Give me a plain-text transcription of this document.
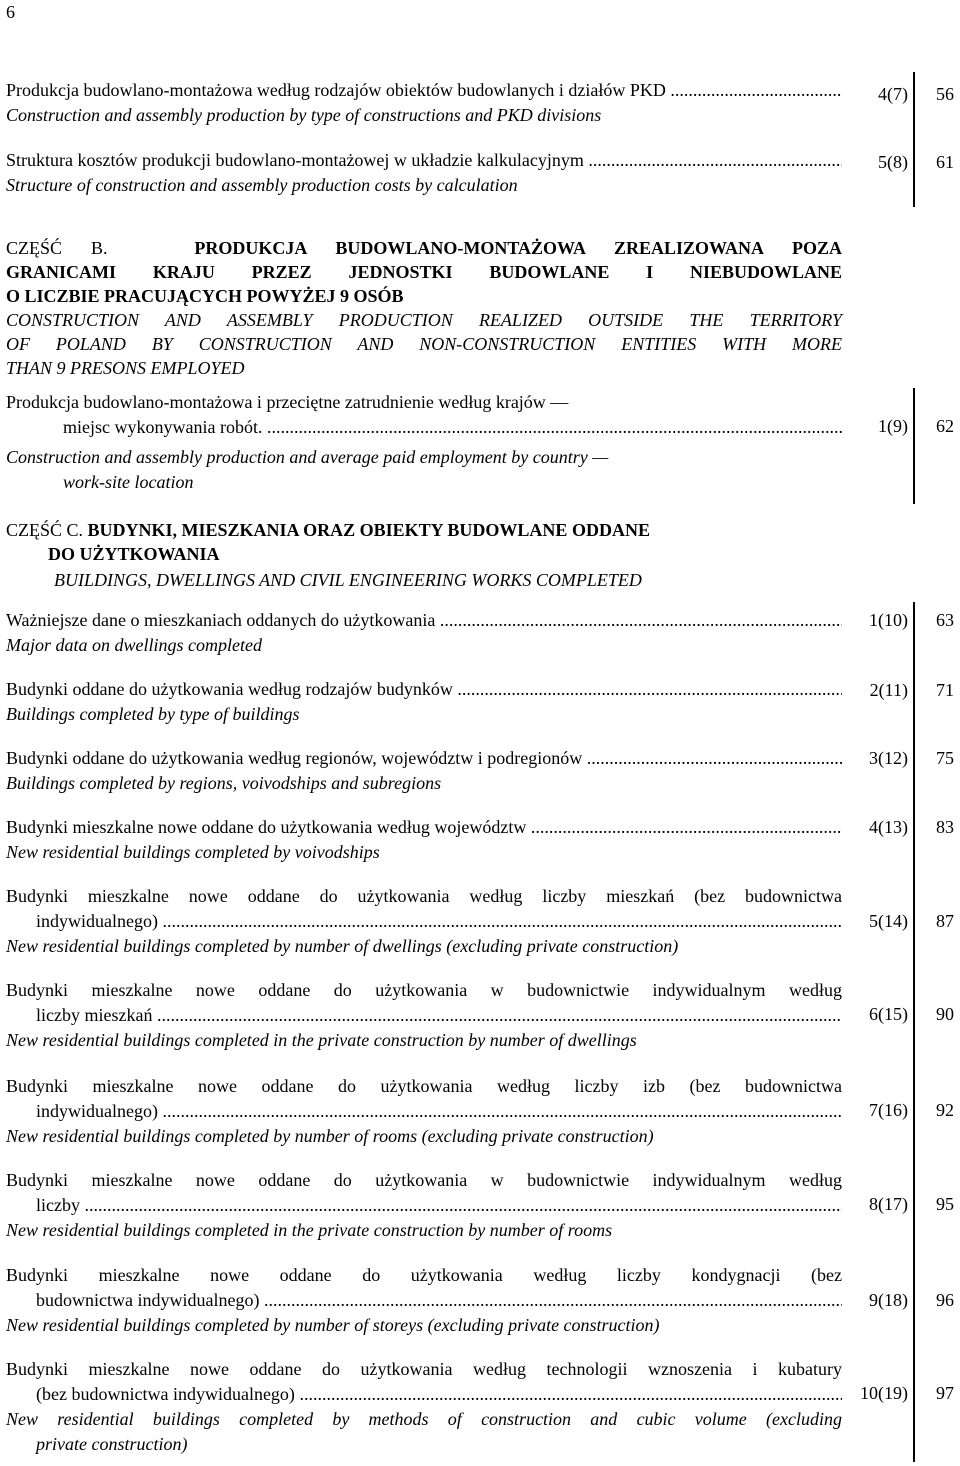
6
Produkcja budowlano-montażowa według rodzajów obiektów budowlanych i działów PKD .....
Construction and assembly production by type of constructions and PKD divisions
4(7) 56
Struktura kosztów produkcji budowlano-montażowej w układzie kalkulacyjnym .....
Structure of construction and assembly production costs by calculation
5(8) 61
CZĘŚĆ B.	PRODUKCJA BUDOWLANO-MONTAŻOWA ZREALIZOWANA POZA
GRANICAMI KRAJU PRZEZ JEDNOSTKI BUDOWLANE I NIEBUDOWLANE
O LICZBIE PRACUJĄCYCH POWYŻEJ 9 OSÓB
CONSTRUCTION AND ASSEMBLY PRODUCTION REALIZED OUTSIDE THE TERRITORY
OF POLAND BY CONSTRUCTION AND NON-CONSTRUCTION ENTITIES WITH MORE
THAN 9 PRESONS EMPLOYED
Produkcja budowlano-montażowa i przeciętne zatrudnienie według krajów —
miejsc wykonywania robót. .....
Construction and assembly production and average paid employment by country —
work-site location
1(9) 62
CZĘŚĆ C. BUDYNKI, MIESZKANIA ORAZ OBIEKTY BUDOWLANE ODDANE
DO UŻYTKOWANIA
BUILDINGS, DWELLINGS AND CIVIL ENGINEERING WORKS COMPLETED
Ważniejsze dane o mieszkaniach oddanych do użytkowania .....
Major data on dwellings completed
1(10) 63
Budynki oddane do użytkowania według rodzajów budynków .....
Buildings completed by type of buildings
2(11) 71
Budynki oddane do użytkowania według regionów, województw i podregionów .....
Buildings completed by regions, voivodships and subregions
3(12) 75
Budynki mieszkalne nowe oddane do użytkowania według województw .....
New residential buildings completed by voivodships
4(13) 83
Budynki mieszkalne nowe oddane do użytkowania według liczby mieszkań (bez budownictwa
indywidualnego) .....
New residential buildings completed by number of dwellings (excluding private construction)
5(14) 87
Budynki mieszkalne nowe oddane do użytkowania w budownictwie indywidualnym według
liczby mieszkań .....
New residential buildings completed in the private construction by number of dwellings
6(15) 90
Budynki mieszkalne nowe oddane do użytkowania według liczby izb (bez budownictwa
indywidualnego) .....
New residential buildings completed by number of rooms (excluding private construction)
7(16) 92
Budynki mieszkalne nowe oddane do użytkowania w budownictwie indywidualnym według
liczby .....
New residential buildings completed in the private construction by number of rooms
8(17) 95
Budynki mieszkalne nowe oddane do użytkowania według liczby kondygnacji (bez
budownictwa indywidualnego) .....
New residential buildings completed by number of storeys (excluding private construction)
9(18) 96
Budynki mieszkalne nowe oddane do użytkowania według technologii wznoszenia i kubatury
(bez budownictwa indywidualnego) .....
New residential buildings completed by methods of construction and cubic volume (excluding
private construction)
10(19) 97
